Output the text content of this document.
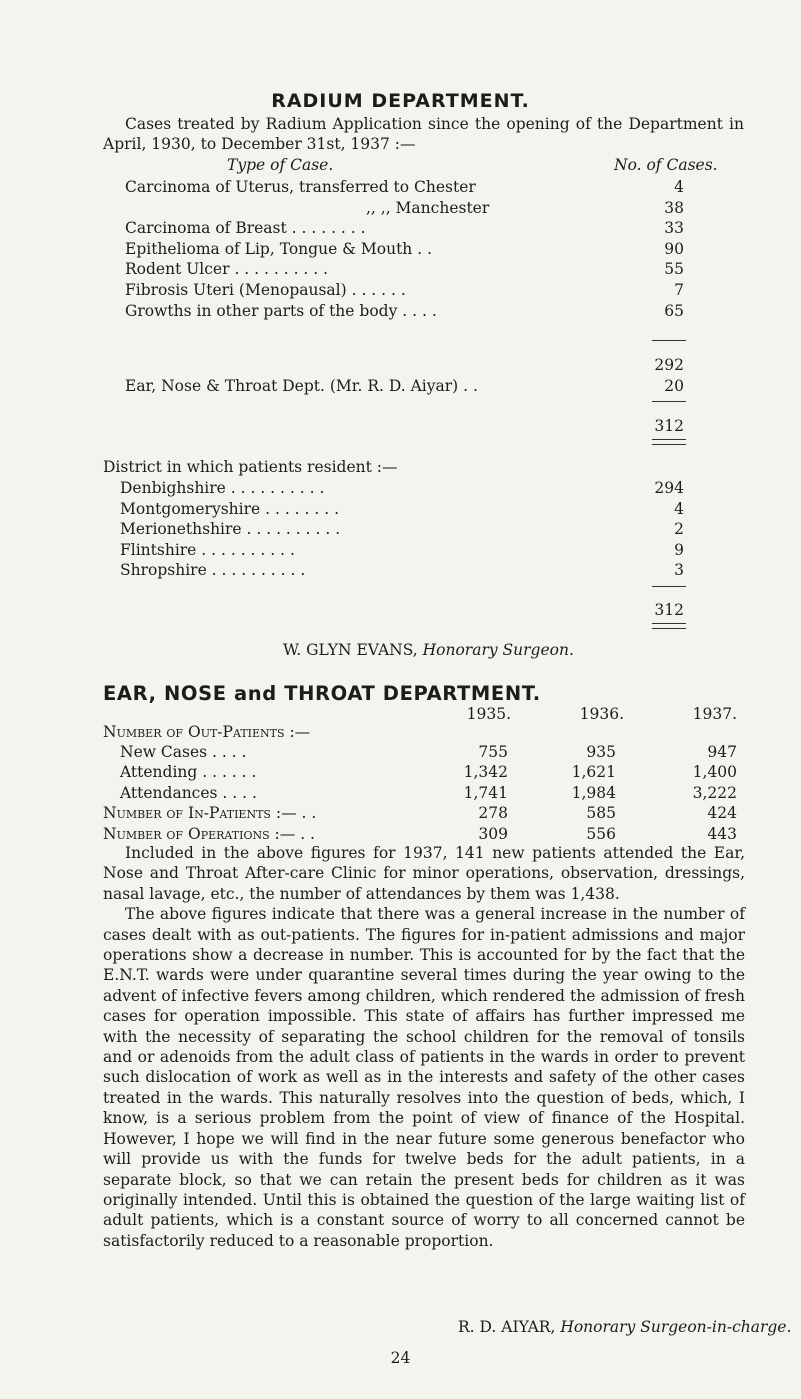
RADIUM DEPARTMENT.

Cases treated by Radium Application since the opening of the Department in April, 1930, to December 31st, 1937 :—

Type of Case.	No. of Cases.
Carcinoma of Uterus, transferred to Chester	4
,, ,, Manchester	38
Carcinoma of Breast . . . . . . . .	33
Epithelioma of Lip, Tongue & Mouth . .	90
Rodent Ulcer . . . . . . . . . .	55
Fibrosis Uteri (Menopausal) . . . . . .	7
Growths in other parts of the body . . . .	65
292
Ear, Nose & Throat Dept. (Mr. R. D. Aiyar) . .	20
312
District in which patients resident :—
Denbighshire . . . . . . . . . .	294
Montgomeryshire . . . . . . . .	4
Merionethshire . . . . . . . . . .	2
Flintshire . . . . . . . . . .	9
Shropshire . . . . . . . . . .	3
312
W. GLYN EVANS, Honorary Surgeon.
EAR, NOSE and THROAT DEPARTMENT.
1935.	1936.	1937.
Number of Out-Patients :—
New Cases . . . .	755	935	947
Attending . . . . . .	1,342	1,621	1,400
Attendances . . . .	1,741	1,984	3,222
Number of In-Patients :— . .	278	585	424
Number of Operations :— . .	309	556	443

Included in the above figures for 1937, 141 new patients attended the Ear, Nose and Throat After-care Clinic for minor operations, observation, dressings, nasal lavage, etc., the number of attendances by them was 1,438.

The above figures indicate that there was a general increase in the number of cases dealt with as out-patients. The figures for in-patient admissions and major operations show a decrease in number. This is accounted for by the fact that the E.N.T. wards were under quarantine several times during the year owing to the advent of infective fevers among children, which rendered the admission of fresh cases for operation impossible. This state of affairs has further impressed me with the necessity of separating the school children for the removal of tonsils and or adenoids from the adult class of patients in the wards in order to prevent such dislocation of work as well as in the interests and safety of the other cases treated in the wards. This naturally resolves into the question of beds, which, I know, is a serious problem from the point of view of finance of the Hospital. However, I hope we will find in the near future some generous benefactor who will provide us with the funds for twelve beds for the adult patients, in a separate block, so that we can retain the present beds for children as it was originally intended. Until this is obtained the question of the large waiting list of adult patients, which is a constant source of worry to all concerned cannot be satisfactorily reduced to a reasonable proportion.

R. D. AIYAR, Honorary Surgeon-in-charge.
24
